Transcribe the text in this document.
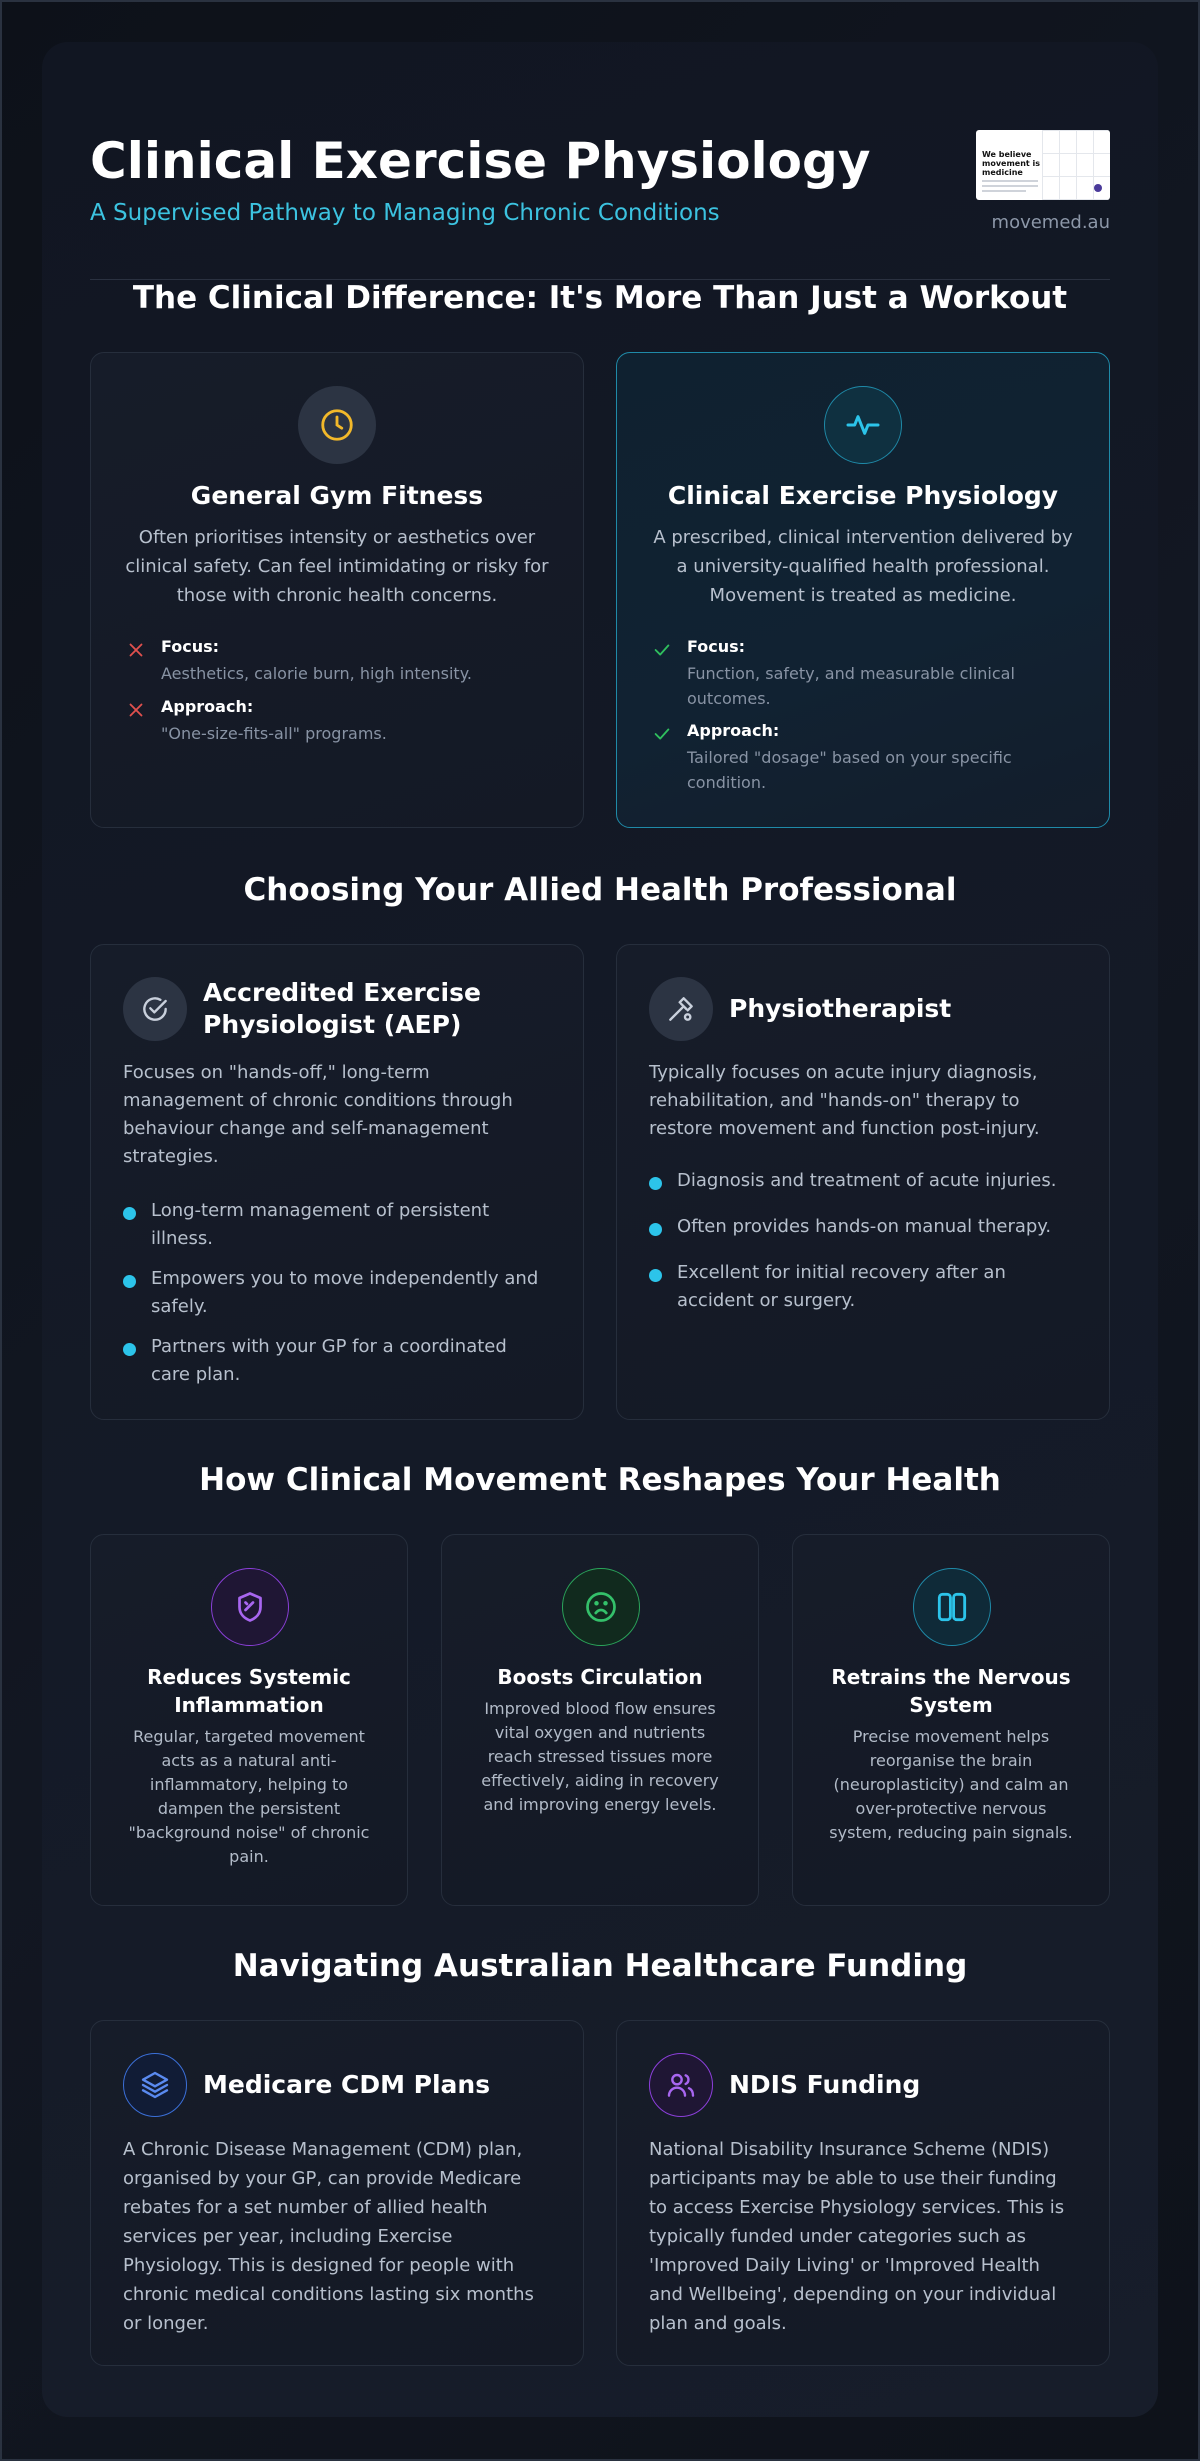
Clinical Exercise Physiology
A Supervised Pathway to Managing Chronic Conditions
We believe movement is medicine
movemed.au
The Clinical Difference: It's More Than Just a Workout
General Gym Fitness
Often prioritises intensity or aesthetics over clinical safety. Can feel intimidating or risky for those with chronic health concerns.
Focus:
Aesthetics, calorie burn, high intensity.
Approach:
"One-size-fits-all" programs.
Clinical Exercise Physiology
A prescribed, clinical intervention delivered by a university-qualified health professional. Movement is treated as medicine.
Focus:
Function, safety, and measurable clinical outcomes.
Approach:
Tailored "dosage" based on your specific condition.
Choosing Your Allied Health Professional
Accredited Exercise Physiologist (AEP)
Focuses on "hands-off," long-term management of chronic conditions through behaviour change and self-management strategies.
Long-term management of persistent illness.
Empowers you to move independently and safely.
Partners with your GP for a coordinated care plan.
Physiotherapist
Typically focuses on acute injury diagnosis, rehabilitation, and "hands-on" therapy to restore movement and function post-injury.
Diagnosis and treatment of acute injuries.
Often provides hands-on manual therapy.
Excellent for initial recovery after an accident or surgery.
How Clinical Movement Reshapes Your Health
Reduces Systemic Inflammation
Regular, targeted movement acts as a natural anti-inflammatory, helping to dampen the persistent "background noise" of chronic pain.
Boosts Circulation
Improved blood flow ensures vital oxygen and nutrients reach stressed tissues more effectively, aiding in recovery and improving energy levels.
Retrains the Nervous System
Precise movement helps reorganise the brain (neuroplasticity) and calm an over-protective nervous system, reducing pain signals.
Navigating Australian Healthcare Funding
Medicare CDM Plans
A Chronic Disease Management (CDM) plan, organised by your GP, can provide Medicare rebates for a set number of allied health services per year, including Exercise Physiology. This is designed for people with chronic medical conditions lasting six months or longer.
NDIS Funding
National Disability Insurance Scheme (NDIS) participants may be able to use their funding to access Exercise Physiology services. This is typically funded under categories such as 'Improved Daily Living' or 'Improved Health and Wellbeing', depending on your individual plan and goals.
